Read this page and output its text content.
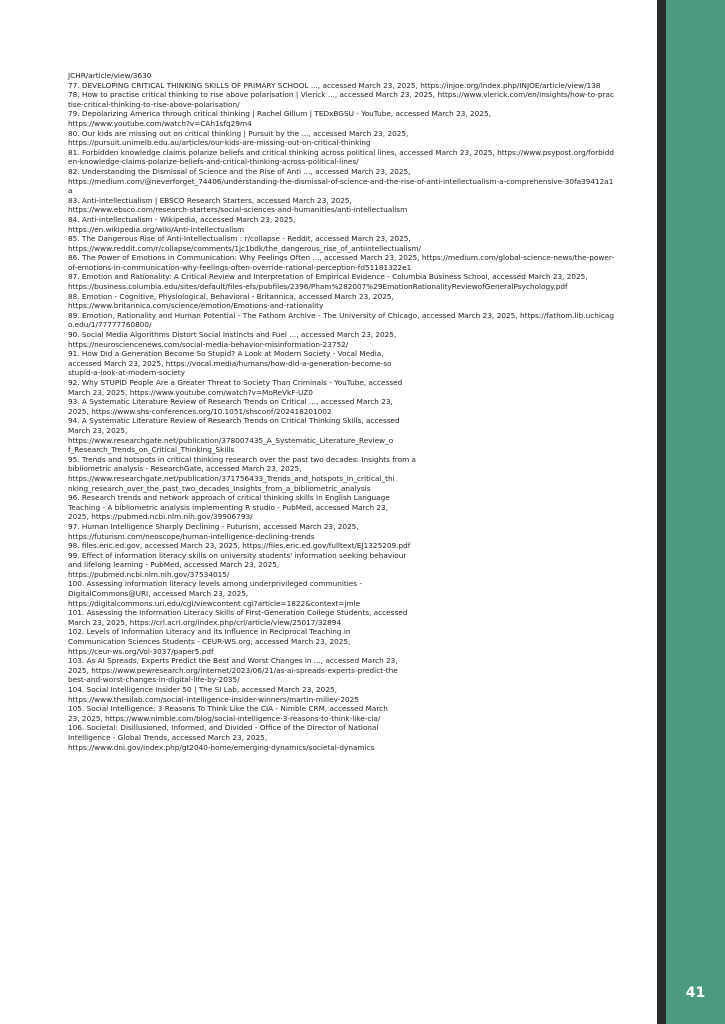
JCHR/article/view/3630

77. DEVELOPING CRITICAL THINKING SKILLS OF PRIMARY SCHOOL ..., accessed March 23, 2025, https://injoe.org/index.php/INJOE/article/view/138

78. How to practise critical thinking to rise above polarisation | Vlerick ..., accessed March 23, 2025, https://www.vlerick.com/en/insights/how-to-practise-critical-thinking-to-rise-above-polarisation/

79. Depolarizing America through critical thinking | Rachel Gillum | TEDxBGSU - YouTube, accessed March 23, 2025,
https://www.youtube.com/watch?v=CAh1sfq29m4

80. Our kids are missing out on critical thinking | Pursuit by the ..., accessed March 23, 2025,
https://pursuit.unimelb.edu.au/articles/our-kids-are-missing-out-on-critical-thinking

81. Forbidden knowledge claims polarize beliefs and critical thinking across political lines, accessed March 23, 2025, https://www.psypost.org/forbidden-knowledge-claims-polarize-beliefs-and-critical-thinking-across-political-lines/

82. Understanding the Dismissal of Science and the Rise of Anti ..., accessed March 23, 2025,
https://medium.com/@neverforget_74406/understanding-the-dismissal-of-science-and-the-rise-of-anti-intellectualism-a-comprehensive-30fa39412a1a

83. Anti-intellectualism | EBSCO Research Starters, accessed March 23, 2025,
https://www.ebsco.com/research-starters/social-sciences-and-humanities/anti-intellectualism

84. Anti-intellectualism - Wikipedia, accessed March 23, 2025,
https://en.wikipedia.org/wiki/Anti-intellectualism

85. The Dangerous Rise of Anti-Intellectualism : r/collapse - Reddit, accessed March 23, 2025,
https://www.reddit.com/r/collapse/comments/1jc1bdk/the_dangerous_rise_of_antiintellectualism/

86. The Power of Emotions in Communication: Why Feelings Often ..., accessed March 23, 2025, https://medium.com/global-science-news/the-power-of-emotions-in-communication-why-feelings-often-override-rational-perception-fd51181322e1

87. Emotion and Rationality: A Critical Review and Interpretation of Empirical Evidence - Columbia Business School, accessed March 23, 2025,
https://business.columbia.edu/sites/default/files-efs/pubfiles/2396/Pham%282007%29EmotionRationalityReviewofGeneralPsychology.pdf

88. Emotion - Cognitive, Physiological, Behavioral - Britannica, accessed March 23, 2025,
https://www.britannica.com/science/emotion/Emotions-and-rationality

89. Emotion, Rationality and Human Potential - The Fathom Archive - The University of Chicago, accessed March 23, 2025, https://fathom.lib.uchicago.edu/1/77777760800/

90. Social Media Algorithms Distort Social Instincts and Fuel ..., accessed March 23, 2025,
https://neurosciencenews.com/social-media-behavior-misinformation-23752/

91. How Did a Generation Become So Stupid? A Look at Modern Society - Vocal Media,
accessed March 23, 2025, https://vocal.media/humans/how-did-a-generation-become-so
stupid-a-look-at-modern-society

92. Why STUPID People Are a Greater Threat to Society Than Criminals - YouTube, accessed
March 23, 2025, https://www.youtube.com/watch?v=MoReVkF-UZ0

93. A Systematic Literature Review of Research Trends on Critical ..., accessed March 23,
2025, https://www.shs-conferences.org/10.1051/shsconf/202418201002

94. A Systematic Literature Review of Research Trends on Critical Thinking Skills, accessed
March 23, 2025,
https://www.researchgate.net/publication/378007435_A_Systematic_Literature_Review_o
f_Research_Trends_on_Critical_Thinking_Skills

95. Trends and hotspots in critical thinking research over the past two decades: Insights from a
bibliometric analysis - ResearchGate, accessed March 23, 2025,
https://www.researchgate.net/publication/371756433_Trends_and_hotspots_in_critical_thi
nking_research_over_the_past_two_decades_Insights_from_a_bibliometric_analysis

96. Research trends and network approach of critical thinking skills in English Language
Teaching - A bibliometric analysis implementing R studio - PubMed, accessed March 23,
2025, https://pubmed.ncbi.nlm.nih.gov/39906793/

97. Human Intelligence Sharply Declining - Futurism, accessed March 23, 2025,
https://futurism.com/neoscope/human-intelligence-declining-trends

98. files.eric.ed.gov, accessed March 23, 2025, https://files.eric.ed.gov/fulltext/EJ1325209.pdf

99. Effect of information literacy skills on university students' information seeking behaviour
and lifelong learning - PubMed, accessed March 23, 2025,
https://pubmed.ncbi.nlm.nih.gov/37534015/

100. Assessing information literacy levels among underprivileged communities -
DigitalCommons@URI, accessed March 23, 2025,
https://digitalcommons.uri.edu/cgi/viewcontent.cgi?article=1822&context=jmle

101. Assessing the Information Literacy Skills of First-Generation College Students, accessed
March 23, 2025, https://crl.acrl.org/index.php/crl/article/view/25017/32894

102. Levels of Information Literacy and its Influence in Reciprocal Teaching in
Communication Sciences Students - CEUR-WS.org, accessed March 23, 2025,
https://ceur-ws.org/Vol-3037/paper5.pdf

103. As AI Spreads, Experts Predict the Best and Worst Changes in ..., accessed March 23,
2025, https://www.pewresearch.org/internet/2023/06/21/as-ai-spreads-experts-predict-the
best-and-worst-changes-in-digital-life-by-2035/

104. Social Intelligence Insider 50 | The SI Lab, accessed March 23, 2025,
https://www.thesilab.com/social-intelligence-insider-winners/martin-miliev-2025

105. Social Intelligence: 3 Reasons To Think Like the CIA - Nimble CRM, accessed March
23, 2025, https://www.nimble.com/blog/social-intelligence-3-reasons-to-think-like-cia/

106. Societal: Disillusioned, Informed, and Divided - Office of the Director of National
Intelligence - Global Trends, accessed March 23, 2025,
https://www.dni.gov/index.php/gt2040-home/emerging-dynamics/societal-dynamics

41
